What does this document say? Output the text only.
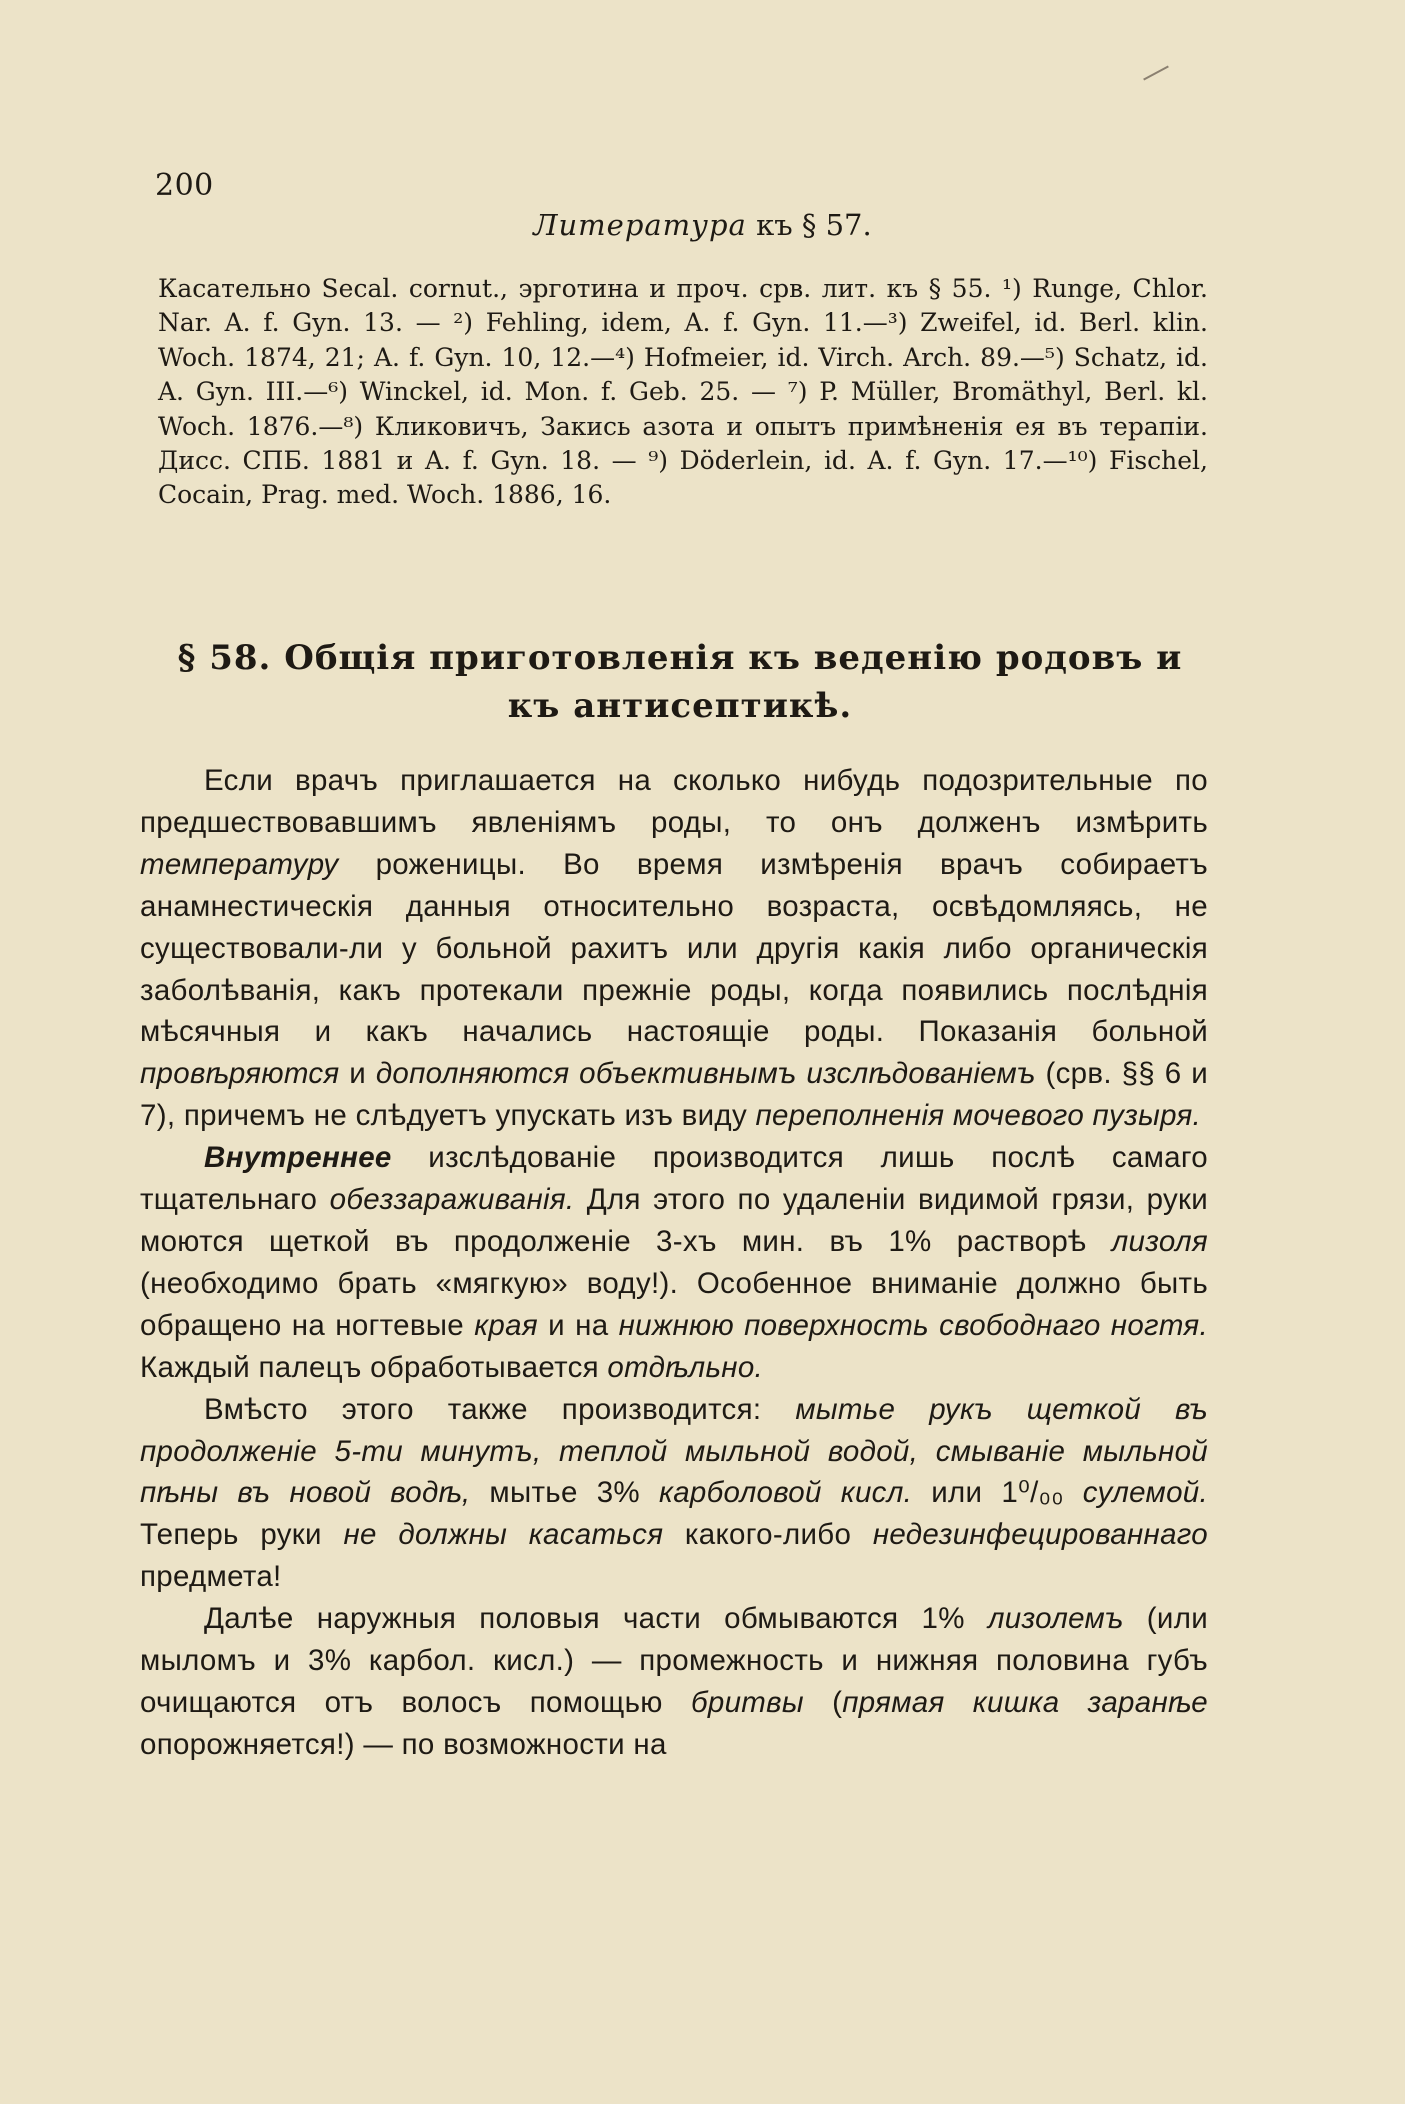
200
Литература къ § 57.
Касательно Secal. cornut., эрготина и проч. срв. лит. къ § 55. ¹) Runge, Chlor. Nar. A. f. Gyn. 13. — ²) Fehling, idem, A. f. Gyn. 11.—³) Zweifel, id. Berl. klin. Woch. 1874, 21; A. f. Gyn. 10, 12.—⁴) Hofmeier, id. Virch. Arch. 89.—⁵) Schatz, id. A. Gyn. III.—⁶) Winckel, id. Mon. f. Geb. 25. — ⁷) P. Müller, Bromäthyl, Berl. kl. Woch. 1876.—⁸) Кликовичъ, Закись азота и опытъ примѣненія ея въ терапіи. Дисс. СПБ. 1881 и A. f. Gyn. 18. — ⁹) Döderlein, id. A. f. Gyn. 17.—¹⁰) Fischel, Cocain, Prag. med. Woch. 1886, 16.
§ 58. Общія приготовленія къ веденію родовъ и
къ антисептикѣ.

Если врачъ приглашается на сколько нибудь подозрительные по предшествовавшимъ явленіямъ роды, то онъ долженъ измѣрить температуру роженицы. Во время измѣренія врачъ собираетъ анамнестическія данныя относительно возраста, освѣдомляясь, не существовали-ли у больной рахитъ или другія какія либо органическія заболѣванія, какъ протекали прежніе роды, когда появились послѣднія мѣсячныя и какъ начались настоящіе роды. Показанія больной провѣряются и дополняются объективнымъ изслѣдованіемъ (срв. §§ 6 и 7), причемъ не слѣдуетъ упускать изъ виду переполненія мочевого пузыря.

Внутреннее изслѣдованіе производится лишь послѣ самаго тщательнаго обеззараживанія. Для этого по удаленіи видимой грязи, руки моются щеткой въ продолженіе 3-хъ мин. въ 1% растворѣ лизоля (необходимо брать «мягкую» воду!). Особенное вниманіе должно быть обращено на ногтевые края и на нижнюю поверхность свободнаго ногтя. Каждый палецъ обработывается отдѣльно.

Вмѣсто этого также производится: мытье рукъ щеткой въ продолженіе 5-ти минутъ, теплой мыльной водой, смываніе мыльной пѣны въ новой водѣ, мытье 3% карболовой кисл. или 1⁰/₀₀ сулемой. Теперь руки не должны касаться какого-либо недезинфецированнаго предмета!

Далѣе наружныя половыя части обмываются 1% лизолемъ (или мыломъ и 3% карбол. кисл.) — промежность и нижняя половина губъ очищаются отъ волосъ помощью бритвы (прямая кишка заранѣе опорожняется!) — по возможности на
